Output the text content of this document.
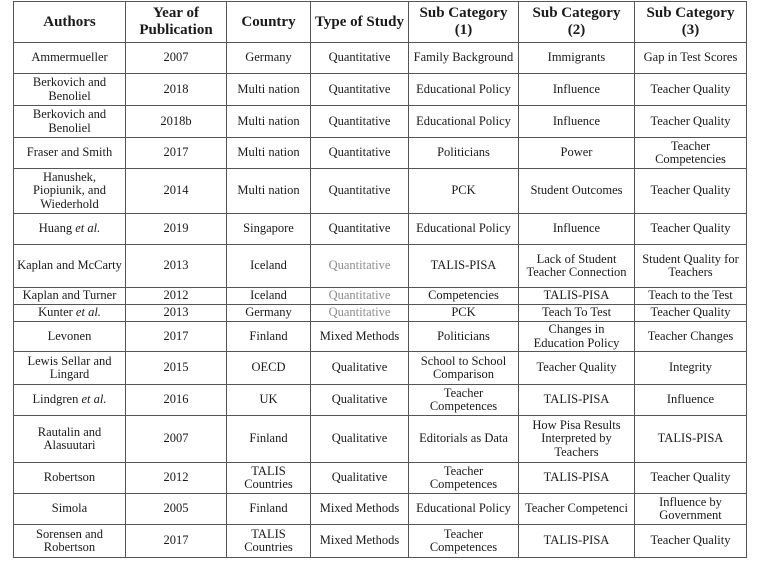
Authors	Year of Publication	Country	Type of Study	Sub Category (1)	Sub Category (2)	Sub Category (3)
Ammermueller	2007	Germany	Quantitative	Family Background	Immigrants	Gap in Test Scores
Berkovich and Benoliel	2018	Multi nation	Quantitative	Educational Policy	Influence	Teacher Quality
Berkovich and Benoliel	2018b	Multi nation	Quantitative	Educational Policy	Influence	Teacher Quality
Fraser and Smith	2017	Multi nation	Quantitative	Politicians	Power	Teacher Competencies
Hanushek, Piopiunik, and Wiederhold	2014	Multi nation	Quantitative	PCK	Student Outcomes	Teacher Quality
Huang et al.	2019	Singapore	Quantitative	Educational Policy	Influence	Teacher Quality
Kaplan and McCarty	2013	Iceland	Quantitative	TALIS-PISA	Lack of Student Teacher Connection	Student Quality for Teachers
Kaplan and Turner	2012	Iceland	Quantitative	Competencies	TALIS-PISA	Teach to the Test
Kunter et al.	2013	Germany	Quantitative	PCK	Teach To Test	Teacher Quality
Levonen	2017	Finland	Mixed Methods	Politicians	Changes in Education Policy	Teacher Changes
Lewis Sellar and Lingard	2015	OECD	Qualitative	School to School Comparison	Teacher Quality	Integrity
Lindgren et al.	2016	UK	Qualitative	Teacher Competences	TALIS-PISA	Influence
Rautalin and Alasuutari	2007	Finland	Qualitative	Editorials as Data	How Pisa Results Interpreted by Teachers	TALIS-PISA
Robertson	2012	TALIS Countries	Qualitative	Teacher Competences	TALIS-PISA	Teacher Quality
Simola	2005	Finland	Mixed Methods	Educational Policy	Teacher Competenci	Influence by Government
Sorensen and Robertson	2017	TALIS Countries	Mixed Methods	Teacher Competences	TALIS-PISA	Teacher Quality
